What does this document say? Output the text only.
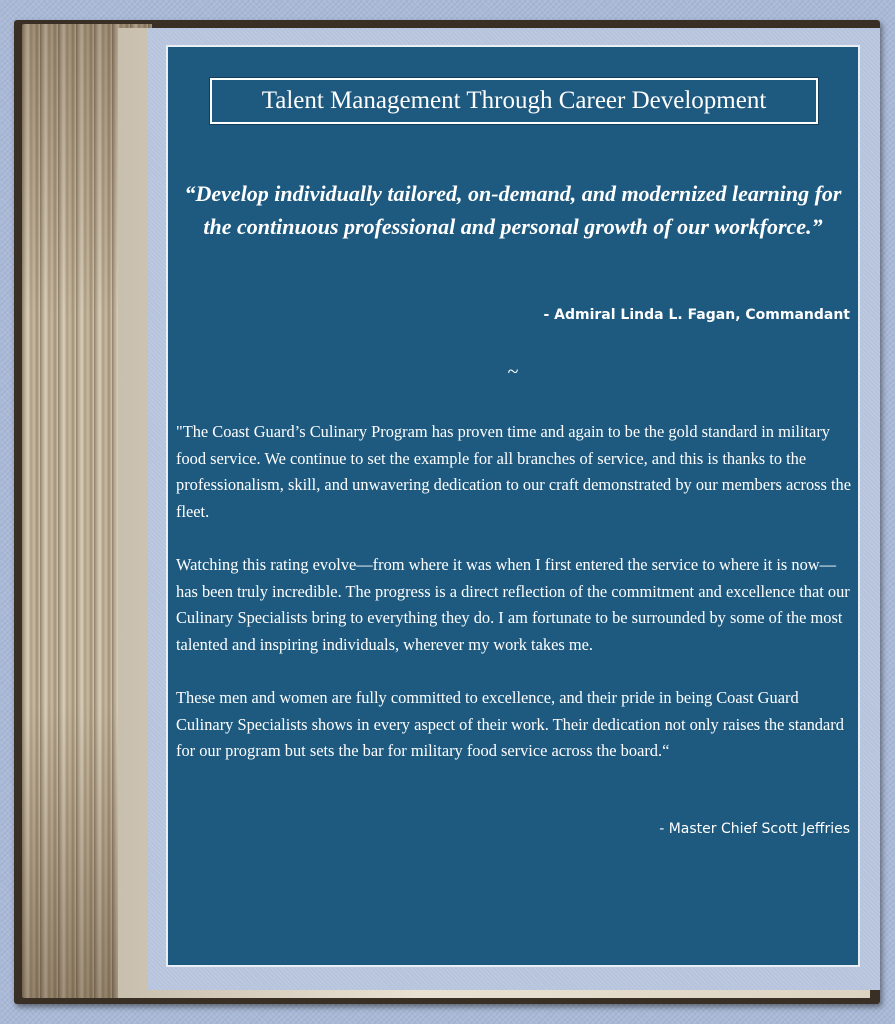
Talent Management Through Career Development
“Develop individually tailored, on-demand, and modernized learning for the continuous professional and personal growth of our workforce.”
- Admiral Linda L. Fagan, Commandant
~

"The Coast Guard’s Culinary Program has proven time and again to be the gold standard in military food service. We continue to set the example for all branches of service, and this is thanks to the professionalism, skill, and unwavering dedication to our craft demonstrated by our members across the fleet.

Watching this rating evolve—from where it was when I first entered the service to where it is now—has been truly incredible. The progress is a direct reflection of the commitment and excellence that our Culinary Specialists bring to everything they do. I am fortunate to be surrounded by some of the most talented and inspiring individuals, wherever my work takes me.

These men and women are fully committed to excellence, and their pride in being Coast Guard Culinary Specialists shows in every aspect of their work. Their dedication not only raises the standard for our program but sets the bar for military food service across the board.“

- Master Chief Scott Jeffries
